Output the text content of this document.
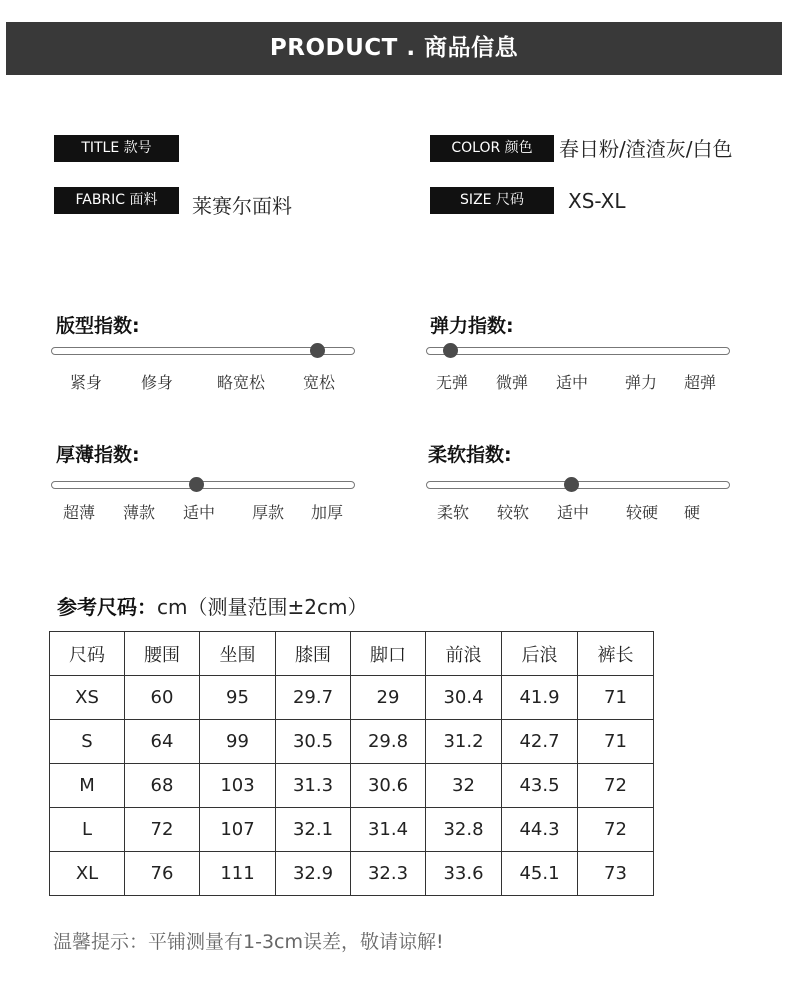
PRODUCT . 商品信息
TITLE 款号	COLOR 颜色	春日粉/渣渣灰/白色
FABRIC 面料	莱赛尔面料	SIZE 尺码	XS-XL
版型指数:
紧身 修身	略宽松 宽松
弹力指数:
无弹 微弹 适中 弹力 超弹
厚薄指数:
超薄 薄款 适中 厚款 加厚
柔软指数:
柔软 较软 适中 较硬 硬
参考尺码：cm（测量范围±2cm）
尺码	腰围	坐围	膝围	脚口	前浪	后浪	裤长
XS	60	95	29.7	29	30.4	41.9	71
S	64	99	30.5	29.8	31.2	42.7	71
M	68	103	31.3	30.6	32	43.5	72
L	72	107	32.1	31.4	32.8	44.3	72
XL	76	111	32.9	32.3	33.6	45.1	73
温馨提示：平铺测量有1-3cm误差，敬请谅解!
